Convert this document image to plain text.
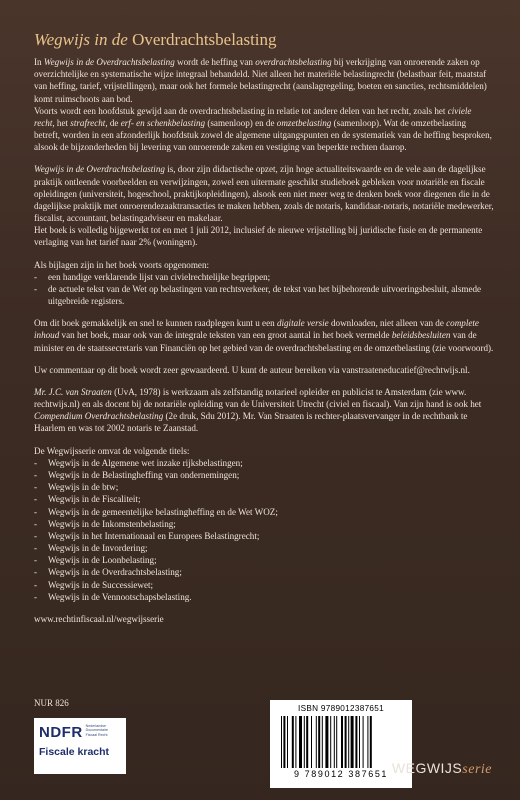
Wegwijs in de Overdrachtsbelasting

In Wegwijs in de Overdrachtsbelasting wordt de heffing van overdrachtsbelasting bij verkrijging van onroerende zaken op overzichtelijke en systematische wijze integraal behandeld. Niet alleen het materiële belastingrecht (belastbaar feit, maatstaf van heffing, tarief, vrijstellingen), maar ook het formele belastingrecht (aanslagregeling, boeten en sancties, rechtsmiddelen) komt ruimschoots aan bod.

Voorts wordt een hoofdstuk gewijd aan de overdrachtsbelasting in relatie tot andere delen van het recht, zoals het civiele recht, het strafrecht, de erf- en schenkbelasting (samenloop) en de omzetbelasting (samenloop). Wat de omzetbelasting betreft, worden in een afzonderlijk hoofdstuk zowel de algemene uitgangspunten en de systematiek van de heffing besproken, alsook de bijzonderheden bij levering van onroerende zaken en vestiging van beperkte rechten daarop.

Wegwijs in de Overdrachtsbelasting is, door zijn didactische opzet, zijn hoge actualiteitswaarde en de vele aan de dagelijkse praktijk ontleende voorbeelden en verwijzingen, zowel een uitermate geschikt studieboek gebleken voor notariële en fiscale opleidingen (universiteit, hogeschool, praktijkopleidingen), alsook een niet meer weg te denken boek voor diegenen die in de dagelijkse praktijk met onroerendezaaktransacties te maken hebben, zoals de notaris, kandidaat-notaris, notariële medewerker, fiscalist, accountant, belastingadviseur en makelaar.

Het boek is volledig bijgewerkt tot en met 1 juli 2012, inclusief de nieuwe vrijstelling bij juridische fusie en de permanente verlaging van het tarief naar 2% (woningen).

Als bijlagen zijn in het boek voorts opgenomen:

- een handige verklarende lijst van civielrechtelijke begrippen;
- de actuele tekst van de Wet op belastingen van rechtsverkeer, de tekst van het bijbehorende uitvoeringsbesluit, alsmede uitgebreide registers.

Om dit boek gemakkelijk en snel te kunnen raadplegen kunt u een digitale versie downloaden, niet alleen van de complete inhoud van het boek, maar ook van de integrale teksten van een groot aantal in het boek vermelde beleidsbesluiten van de minister en de staatssecretaris van Financiën op het gebied van de overdrachtsbelasting en de omzetbelasting (zie voorwoord).

Uw commentaar op dit boek wordt zeer gewaardeerd. U kunt de auteur bereiken via vanstraateneducatief@rechtwijs.nl.

Mr. J.C. van Straaten (UvA, 1978) is werkzaam als zelfstandig notarieel opleider en publicist te Amsterdam (zie www. rechtwijs.nl) en als docent bij de notariële opleiding van de Universiteit Utrecht (civiel en fiscaal). Van zijn hand is ook het Compendium Overdrachtsbelasting (2e druk, Sdu 2012). Mr. Van Straaten is rechter-plaatsvervanger in de rechtbank te Haarlem en was tot 2002 notaris te Zaanstad.

De Wegwijsserie omvat de volgende titels:

- Wegwijs in de Algemene wet inzake rijksbelastingen;
- Wegwijs in de Belastingheffing van ondernemingen;
- Wegwijs in de btw;
- Wegwijs in de Fiscaliteit;
- Wegwijs in de gemeentelijke belastingheffing en de Wet WOZ;
- Wegwijs in de Inkomstenbelasting;
- Wegwijs in het Internationaal en Europees Belastingrecht;
- Wegwijs in de Invordering;
- Wegwijs in de Loonbelasting;
- Wegwijs in de Overdrachtsbelasting;
- Wegwijs in de Successiewet;
- Wegwijs in de Vennootschapsbelasting.

www.rechtinfiscaal.nl/wegwijsserie

NUR 826
NDFR Nederlandse Documentaire Fiscaal Recht
Fiscale kracht
ISBN 9789012387651
9 789012 387651 WEGWIJSserie
